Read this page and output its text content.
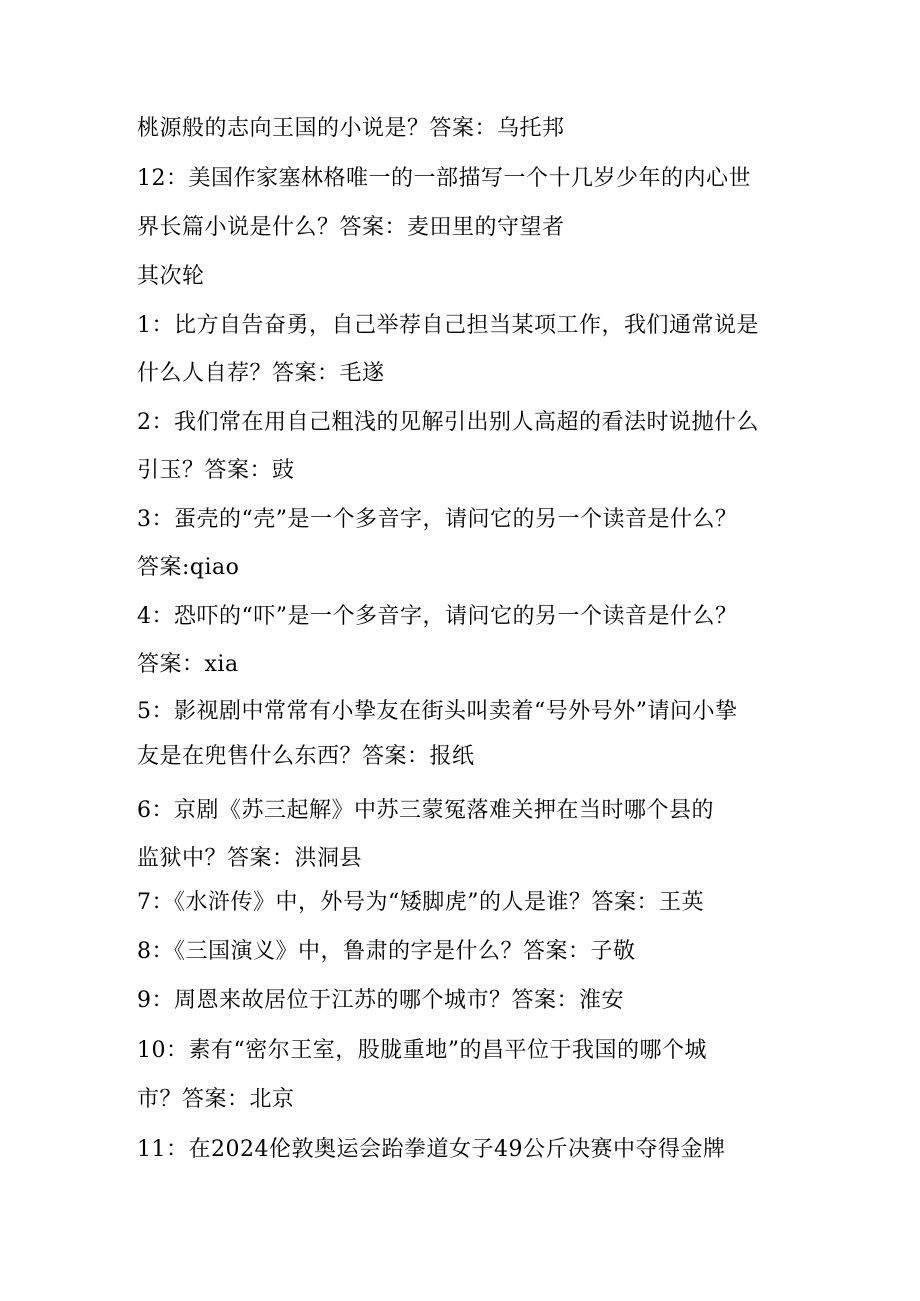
桃源般的志向王国的小说是？答案：乌托邦
12：美国作家塞林格唯一的一部描写一个十几岁少年的内心世
界长篇小说是什么？答案：麦田里的守望者
其次轮
1：比方自告奋勇，自己举荐自己担当某项工作，我们通常说是
什么人自荐？答案：毛遂
2：我们常在用自己粗浅的见解引出别人高超的看法时说抛什么
引玉？答案：豉
3：蛋壳的“壳”是一个多音字，请问它的另一个读音是什么？
答案:qiao
4：恐吓的“吓”是一个多音字，请问它的另一个读音是什么？
答案：xia
5：影视剧中常常有小挚友在街头叫卖着“号外号外”请问小挚
友是在兜售什么东西？答案：报纸
6：京剧《苏三起解》中苏三蒙冤落难关押在当时哪个县的
监狱中？答案：洪洞县
7：《水浒传》中，外号为“矮脚虎”的人是谁？答案：王英
8：《三国演义》中，鲁肃的字是什么？答案：子敬
9：周恩来故居位于江苏的哪个城市？答案：淮安
10：素有“密尔王室，股胧重地”的昌平位于我国的哪个城
市？答案：北京
11：在2024伦敦奥运会跆拳道女子49公斤决赛中夺得金牌
